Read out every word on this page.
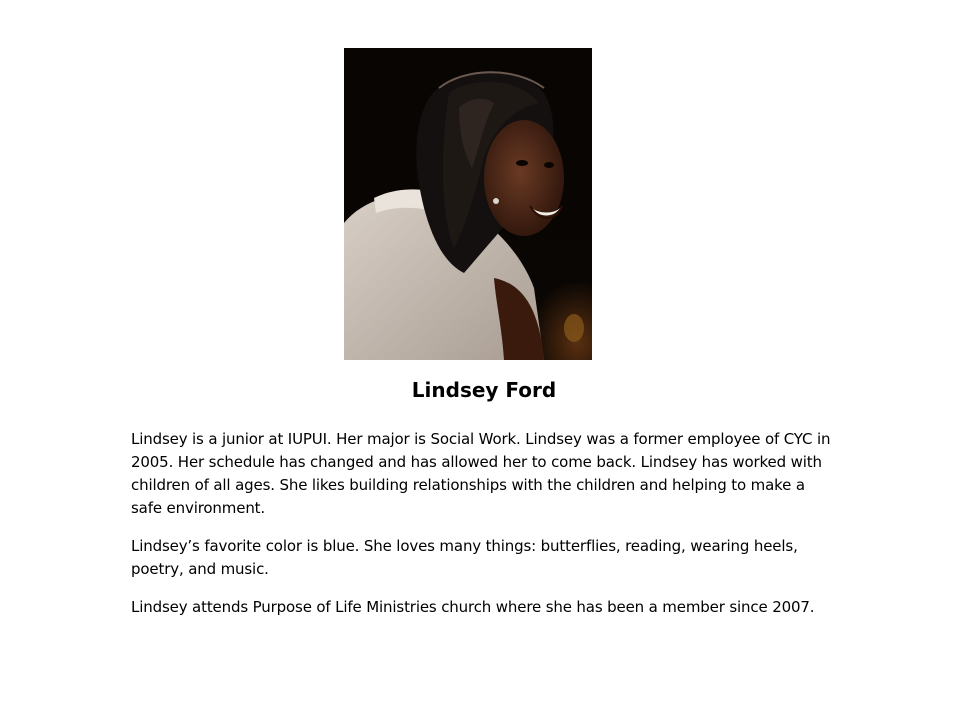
Lindsey Ford

Lindsey is a junior at IUPUI. Her major is Social Work. Lindsey was a former employee of CYC in 2005. Her schedule has changed and has allowed her to come back. Lindsey has worked with children of all ages. She likes building relationships with the children and helping to make a safe environment.

Lindsey’s favorite color is blue. She loves many things: butterflies, reading, wearing heels, poetry, and music.

Lindsey attends Purpose of Life Ministries church where she has been a member since 2007.
